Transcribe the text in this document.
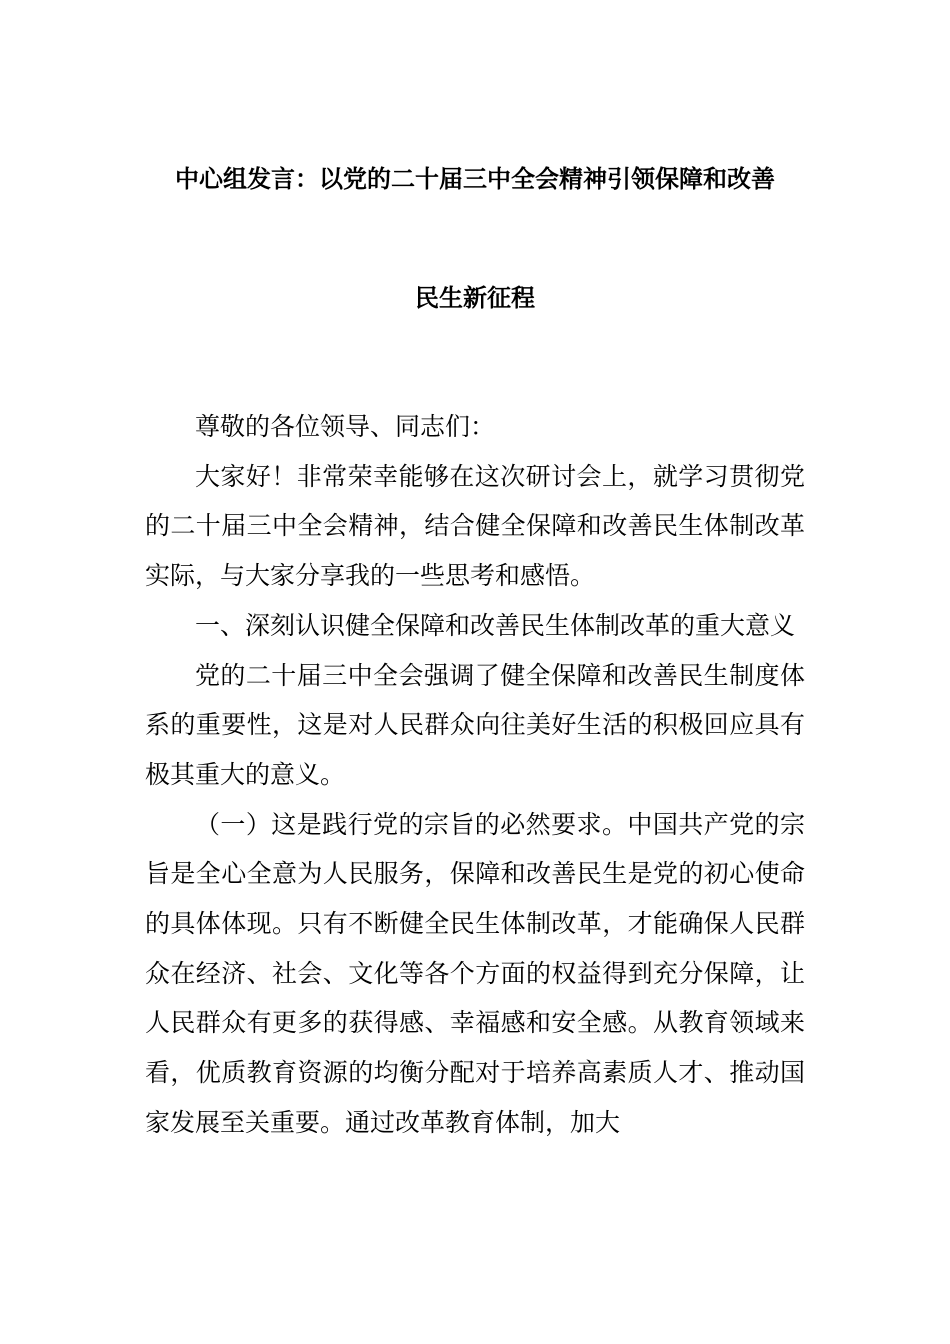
中心组发言：以党的二十届三中全会精神引领保障和改善
民生新征程

尊敬的各位领导、同志们：

大家好！非常荣幸能够在这次研讨会上，就学习贯彻党的二十届三中全会精神，结合健全保障和改善民生体制改革实际，与大家分享我的一些思考和感悟。

一、深刻认识健全保障和改善民生体制改革的重大意义

党的二十届三中全会强调了健全保障和改善民生制度体系的重要性，这是对人民群众向往美好生活的积极回应具有极其重大的意义。

（一）这是践行党的宗旨的必然要求。中国共产党的宗旨是全心全意为人民服务，保障和改善民生是党的初心使命的具体体现。只有不断健全民生体制改革，才能确保人民群众在经济、社会、文化等各个方面的权益得到充分保障，让人民群众有更多的获得感、幸福感和安全感。从教育领域来看，优质教育资源的均衡分配对于培养高素质人才、推动国家发展至关重要。通过改革教育体制，加大
